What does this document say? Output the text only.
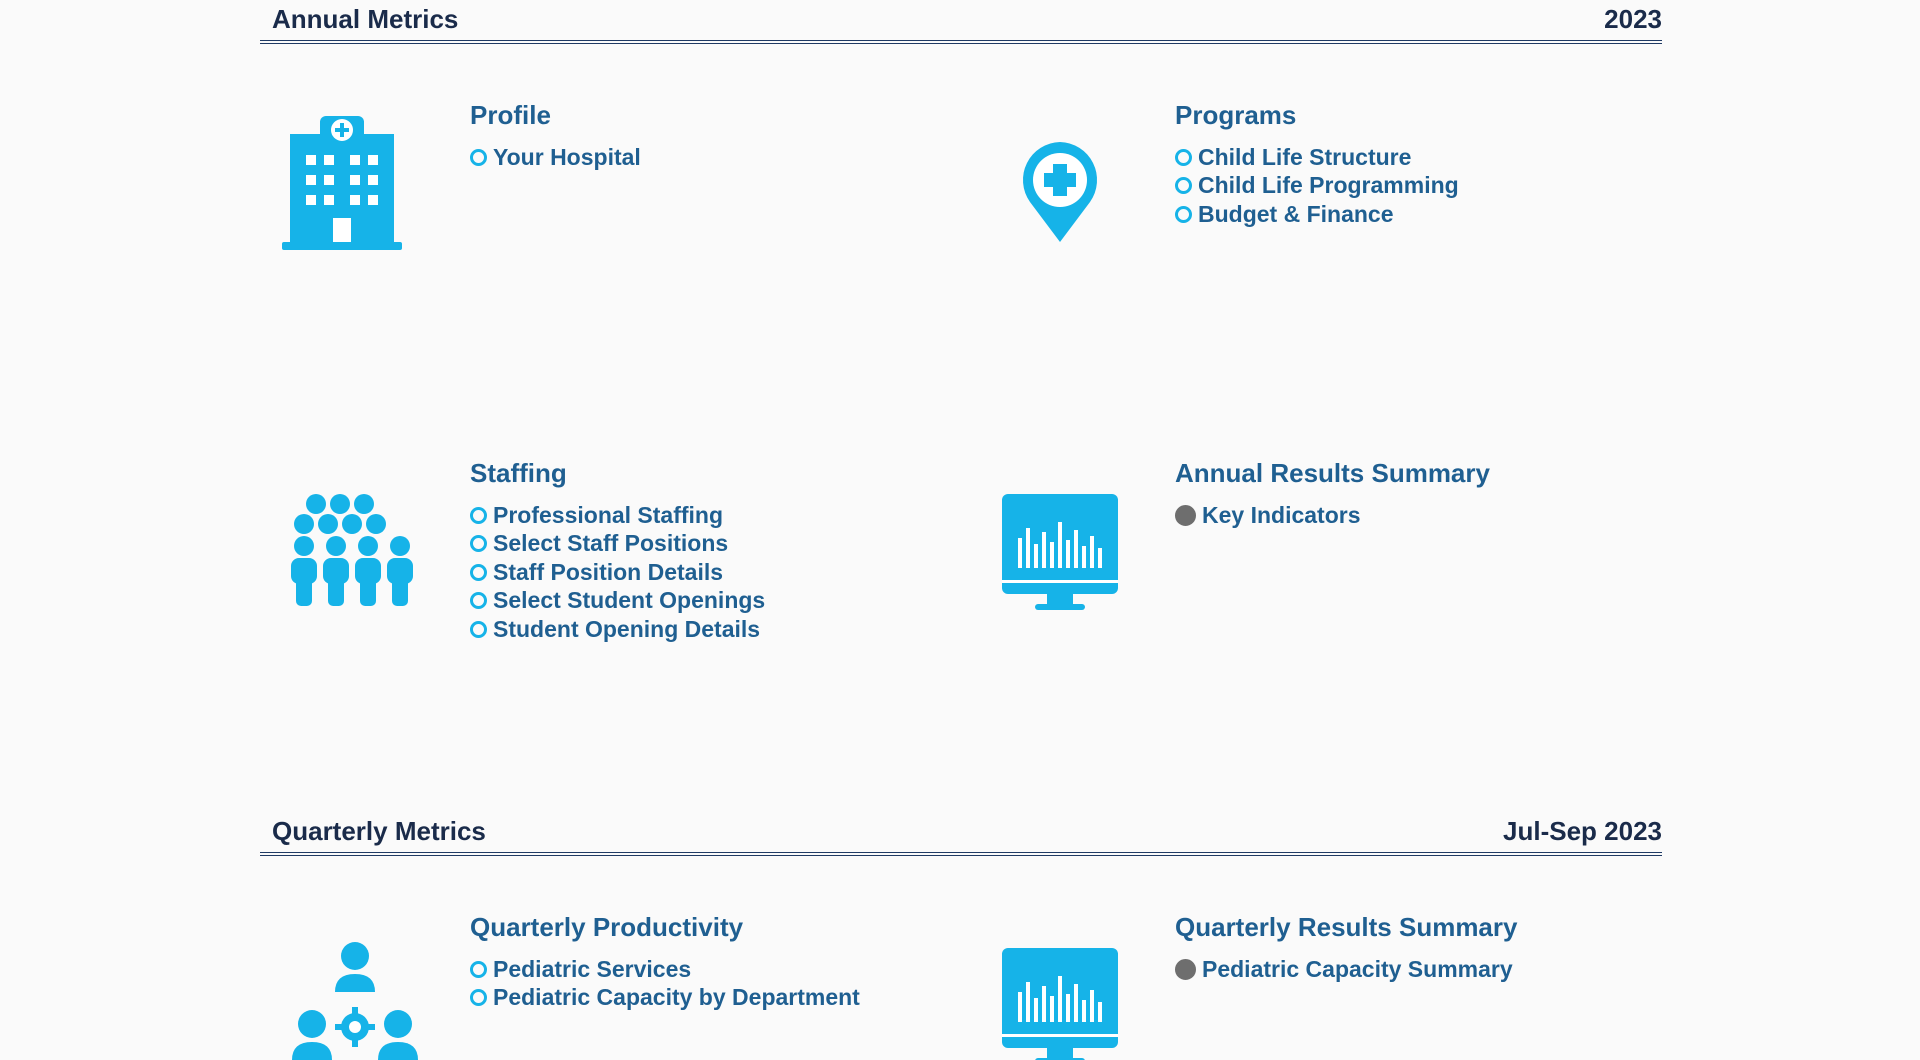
Annual Metrics	2023
Profile
Your Hospital
Programs
Child Life Structure
Child Life Programming
Budget & Finance
Staffing
Professional Staffing
Select Staff Positions
Staff Position Details
Select Student Openings
Student Opening Details
Annual Results Summary
Key Indicators
Quarterly Metrics	Jul-Sep 2023
Quarterly Productivity
Pediatric Services
Pediatric Capacity by Department
Quarterly Results Summary
Pediatric Capacity Summary
